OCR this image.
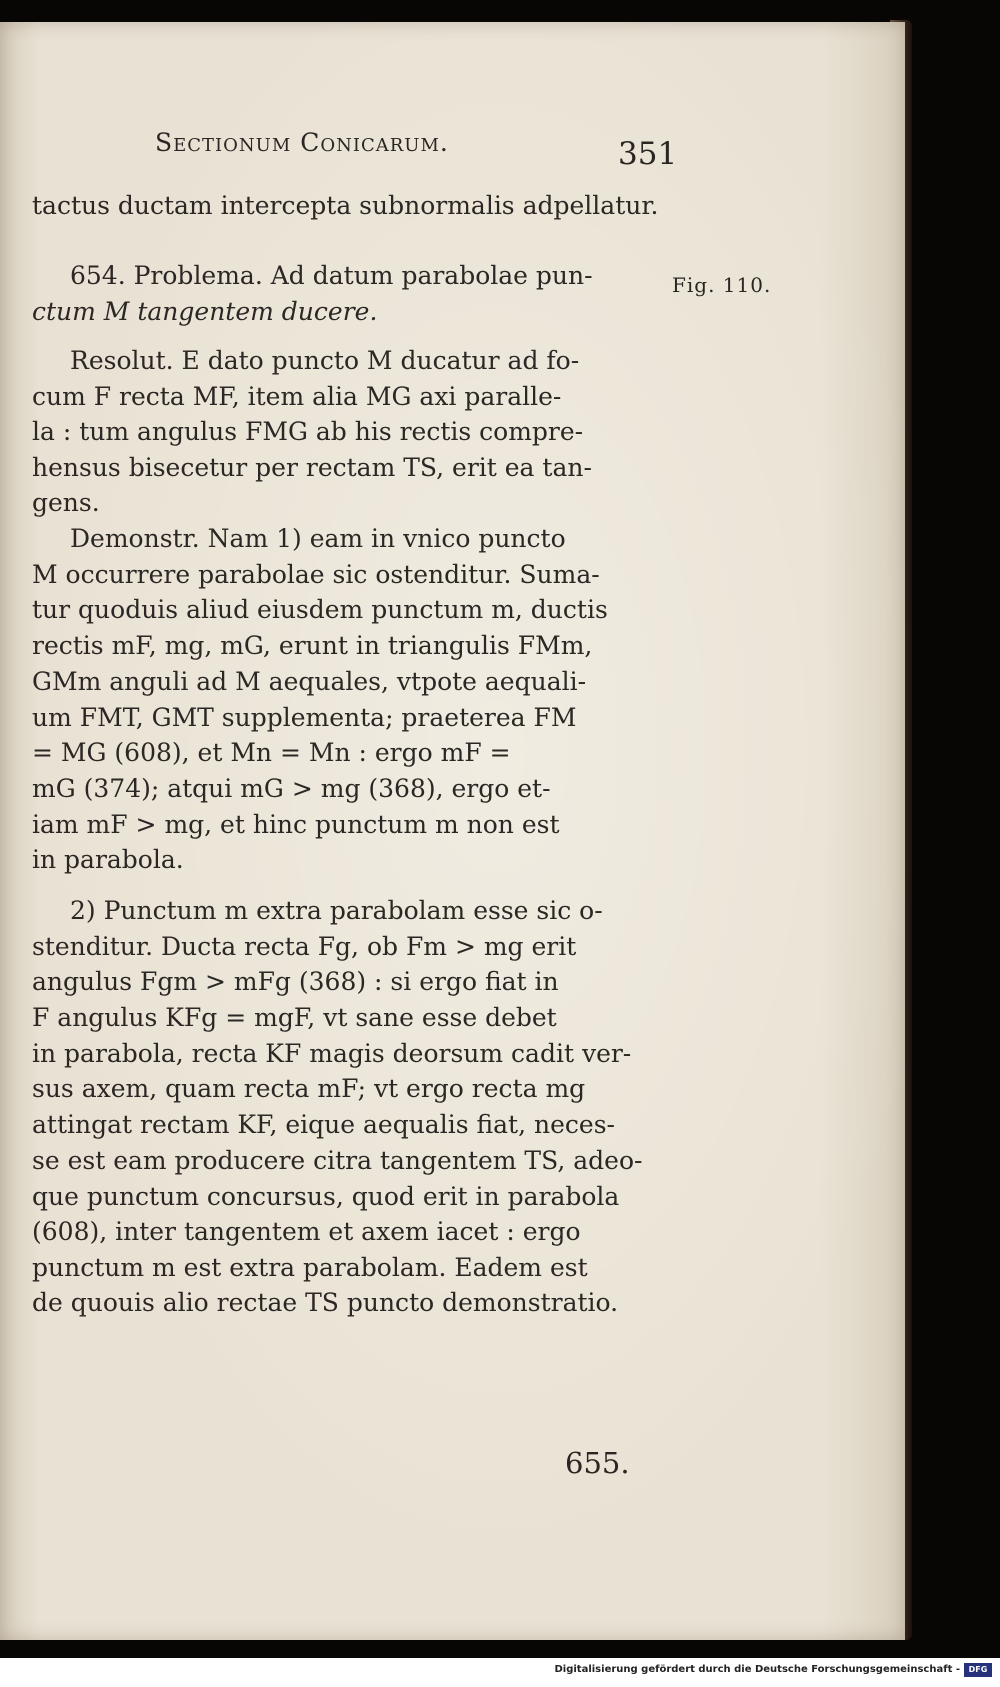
Sectionum Conicarum.	351

tactus ductam intercepta subnormalis adpellatur.

654. Problema. Ad datum parabolae pun-

ctum M tangentem ducere.

Fig. 110.

Resolut. E dato puncto M ducatur ad fo-

cum F recta MF, item alia MG axi paralle-

la : tum angulus FMG ab his rectis compre-

hensus bisecetur per rectam TS, erit ea tan-

gens.

Demonstr. Nam 1) eam in vnico puncto

M occurrere parabolae sic ostenditur. Suma-

tur quoduis aliud eiusdem punctum m, ductis

rectis mF, mg, mG, erunt in triangulis FMm,

GMm anguli ad M aequales, vtpote aequali-

um FMT, GMT supplementa; praeterea FM

= MG (608), et Mn = Mn : ergo mF =

mG (374); atqui mG > mg (368), ergo et-

iam mF > mg, et hinc punctum m non est

in parabola.

2) Punctum m extra parabolam esse sic o-

stenditur. Ducta recta Fg, ob Fm > mg erit

angulus Fgm > mFg (368) : si ergo fiat in

F angulus KFg = mgF, vt sane esse debet

in parabola, recta KF magis deorsum cadit ver-

sus axem, quam recta mF; vt ergo recta mg

attingat rectam KF, eique aequalis fiat, neces-

se est eam producere citra tangentem TS, adeo-

que punctum concursus, quod erit in parabola

(608), inter tangentem et axem iacet : ergo

punctum m est extra parabolam. Eadem est

de quouis alio rectae TS puncto demonstratio.

655.

Digitalisierung gefördert durch die Deutsche Forschungsgemeinschaft -	DFG
